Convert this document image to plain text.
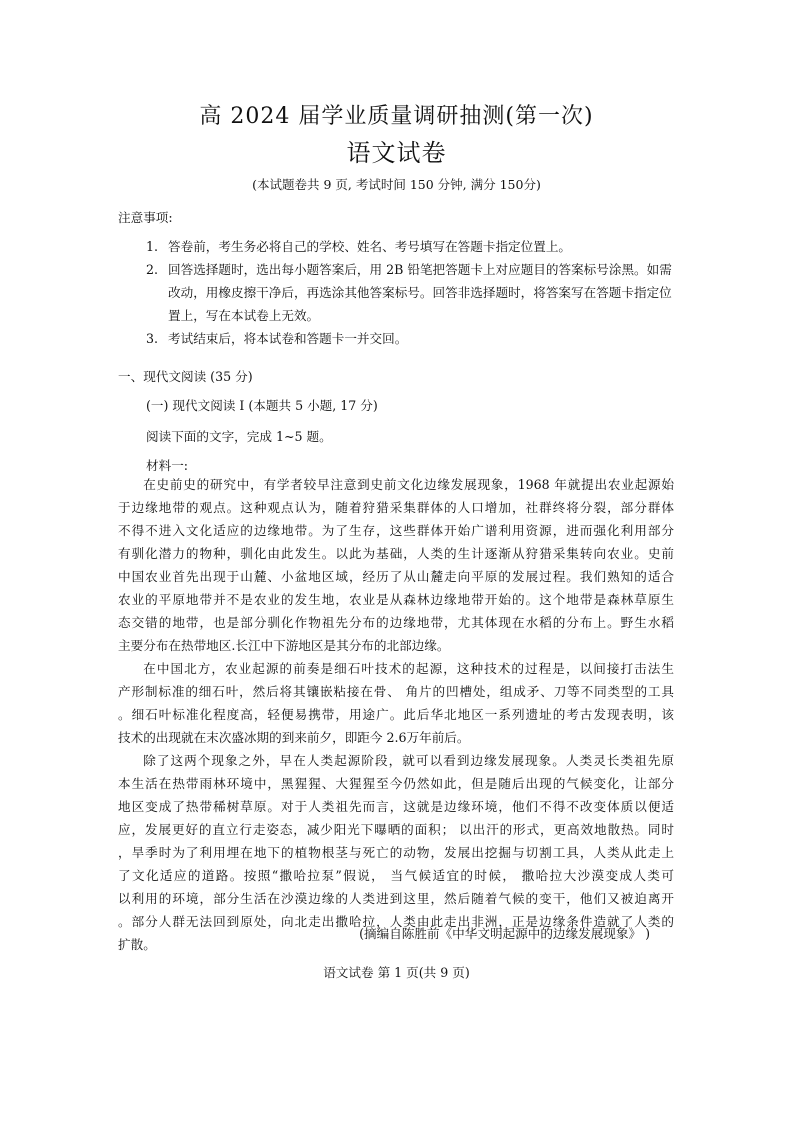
高 2024 届学业质量调研抽测(第一次)
语文试卷
(本试题卷共 9 页, 考试时间 150 分钟, 满分 150分)
注意事项:
1. 答卷前，考生务必将自己的学校、姓名、考号填写在答题卡指定位置上。
2. 回答选择题时，选出每小题答案后，用 2B 铅笔把答题卡上对应题目的答案标号涂黑。如需改动，用橡皮擦干净后，再选涂其他答案标号。回答非选择题时，将答案写在答题卡指定位置上，写在本试卷上无效。
3. 考试结束后，将本试卷和答题卡一并交回。
一、现代文阅读 (35 分)
(一) 现代文阅读 I (本题共 5 小题, 17 分)
阅读下面的文字，完成 1~5 题。
材料一:
在史前史的研究中，有学者较早注意到史前文化边缘发展现象，1968 年就提出农业起源始
于边缘地带的观点。这种观点认为，随着狩猎采集群体的人口增加，社群终将分裂，部分群体
不得不进入文化适应的边缘地带。为了生存，这些群体开始广谱利用资源，进而强化利用部分
有驯化潜力的物种，驯化由此发生。以此为基础，人类的生计逐渐从狩猎采集转向农业。史前
中国农业首先出现于山麓、小盆地区域，经历了从山麓走向平原的发展过程。我们熟知的适合
农业的平原地带并不是农业的发生地，农业是从森林边缘地带开始的。这个地带是森林草原生
态交错的地带，也是部分驯化作物祖先分布的边缘地带，尤其体现在水稻的分布上。野生水稻
主要分布在热带地区.长江中下游地区是其分布的北部边缘。
在中国北方，农业起源的前奏是细石叶技术的起源，这种技术的过程是，以间接打击法生
产形制标准的细石叶，然后将其镶嵌粘接在骨、 角片的凹槽处，组成矛、刀等不同类型的工具
。细石叶标准化程度高，轻便易携带，用途广。此后华北地区一系列遗址的考古发现表明，该
技术的出现就在末次盛冰期的到来前夕，即距今 2.6万年前后。
除了这两个现象之外，早在人类起源阶段，就可以看到边缘发展现象。人类灵长类祖先原
本生活在热带雨林环境中，黑猩猩、大猩猩至今仍然如此，但是随后出现的气候变化，让部分
地区变成了热带稀树草原。对于人类祖先而言，这就是边缘环境，他们不得不改变体质以便适
应，发展更好的直立行走姿态，减少阳光下曝晒的面积； 以出汗的形式，更高效地散热。同时
，旱季时为了利用埋在地下的植物根茎与死亡的动物，发展出挖掘与切割工具，人类从此走上
了文化适应的道路。按照“撒哈拉泵”假说， 当气候适宜的时候， 撒哈拉大沙漠变成人类可
以利用的环境，部分生活在沙漠边缘的人类进到这里，然后随着气候的变干，他们又被迫离开
。部分人群无法回到原处，向北走出撒哈拉，人类由此走出非洲，正是边缘条件造就了人类的
扩散。
(摘编自陈胜前《中华文明起源中的边缘发展现象》 )
语文试卷 第 1 页(共 9 页)
